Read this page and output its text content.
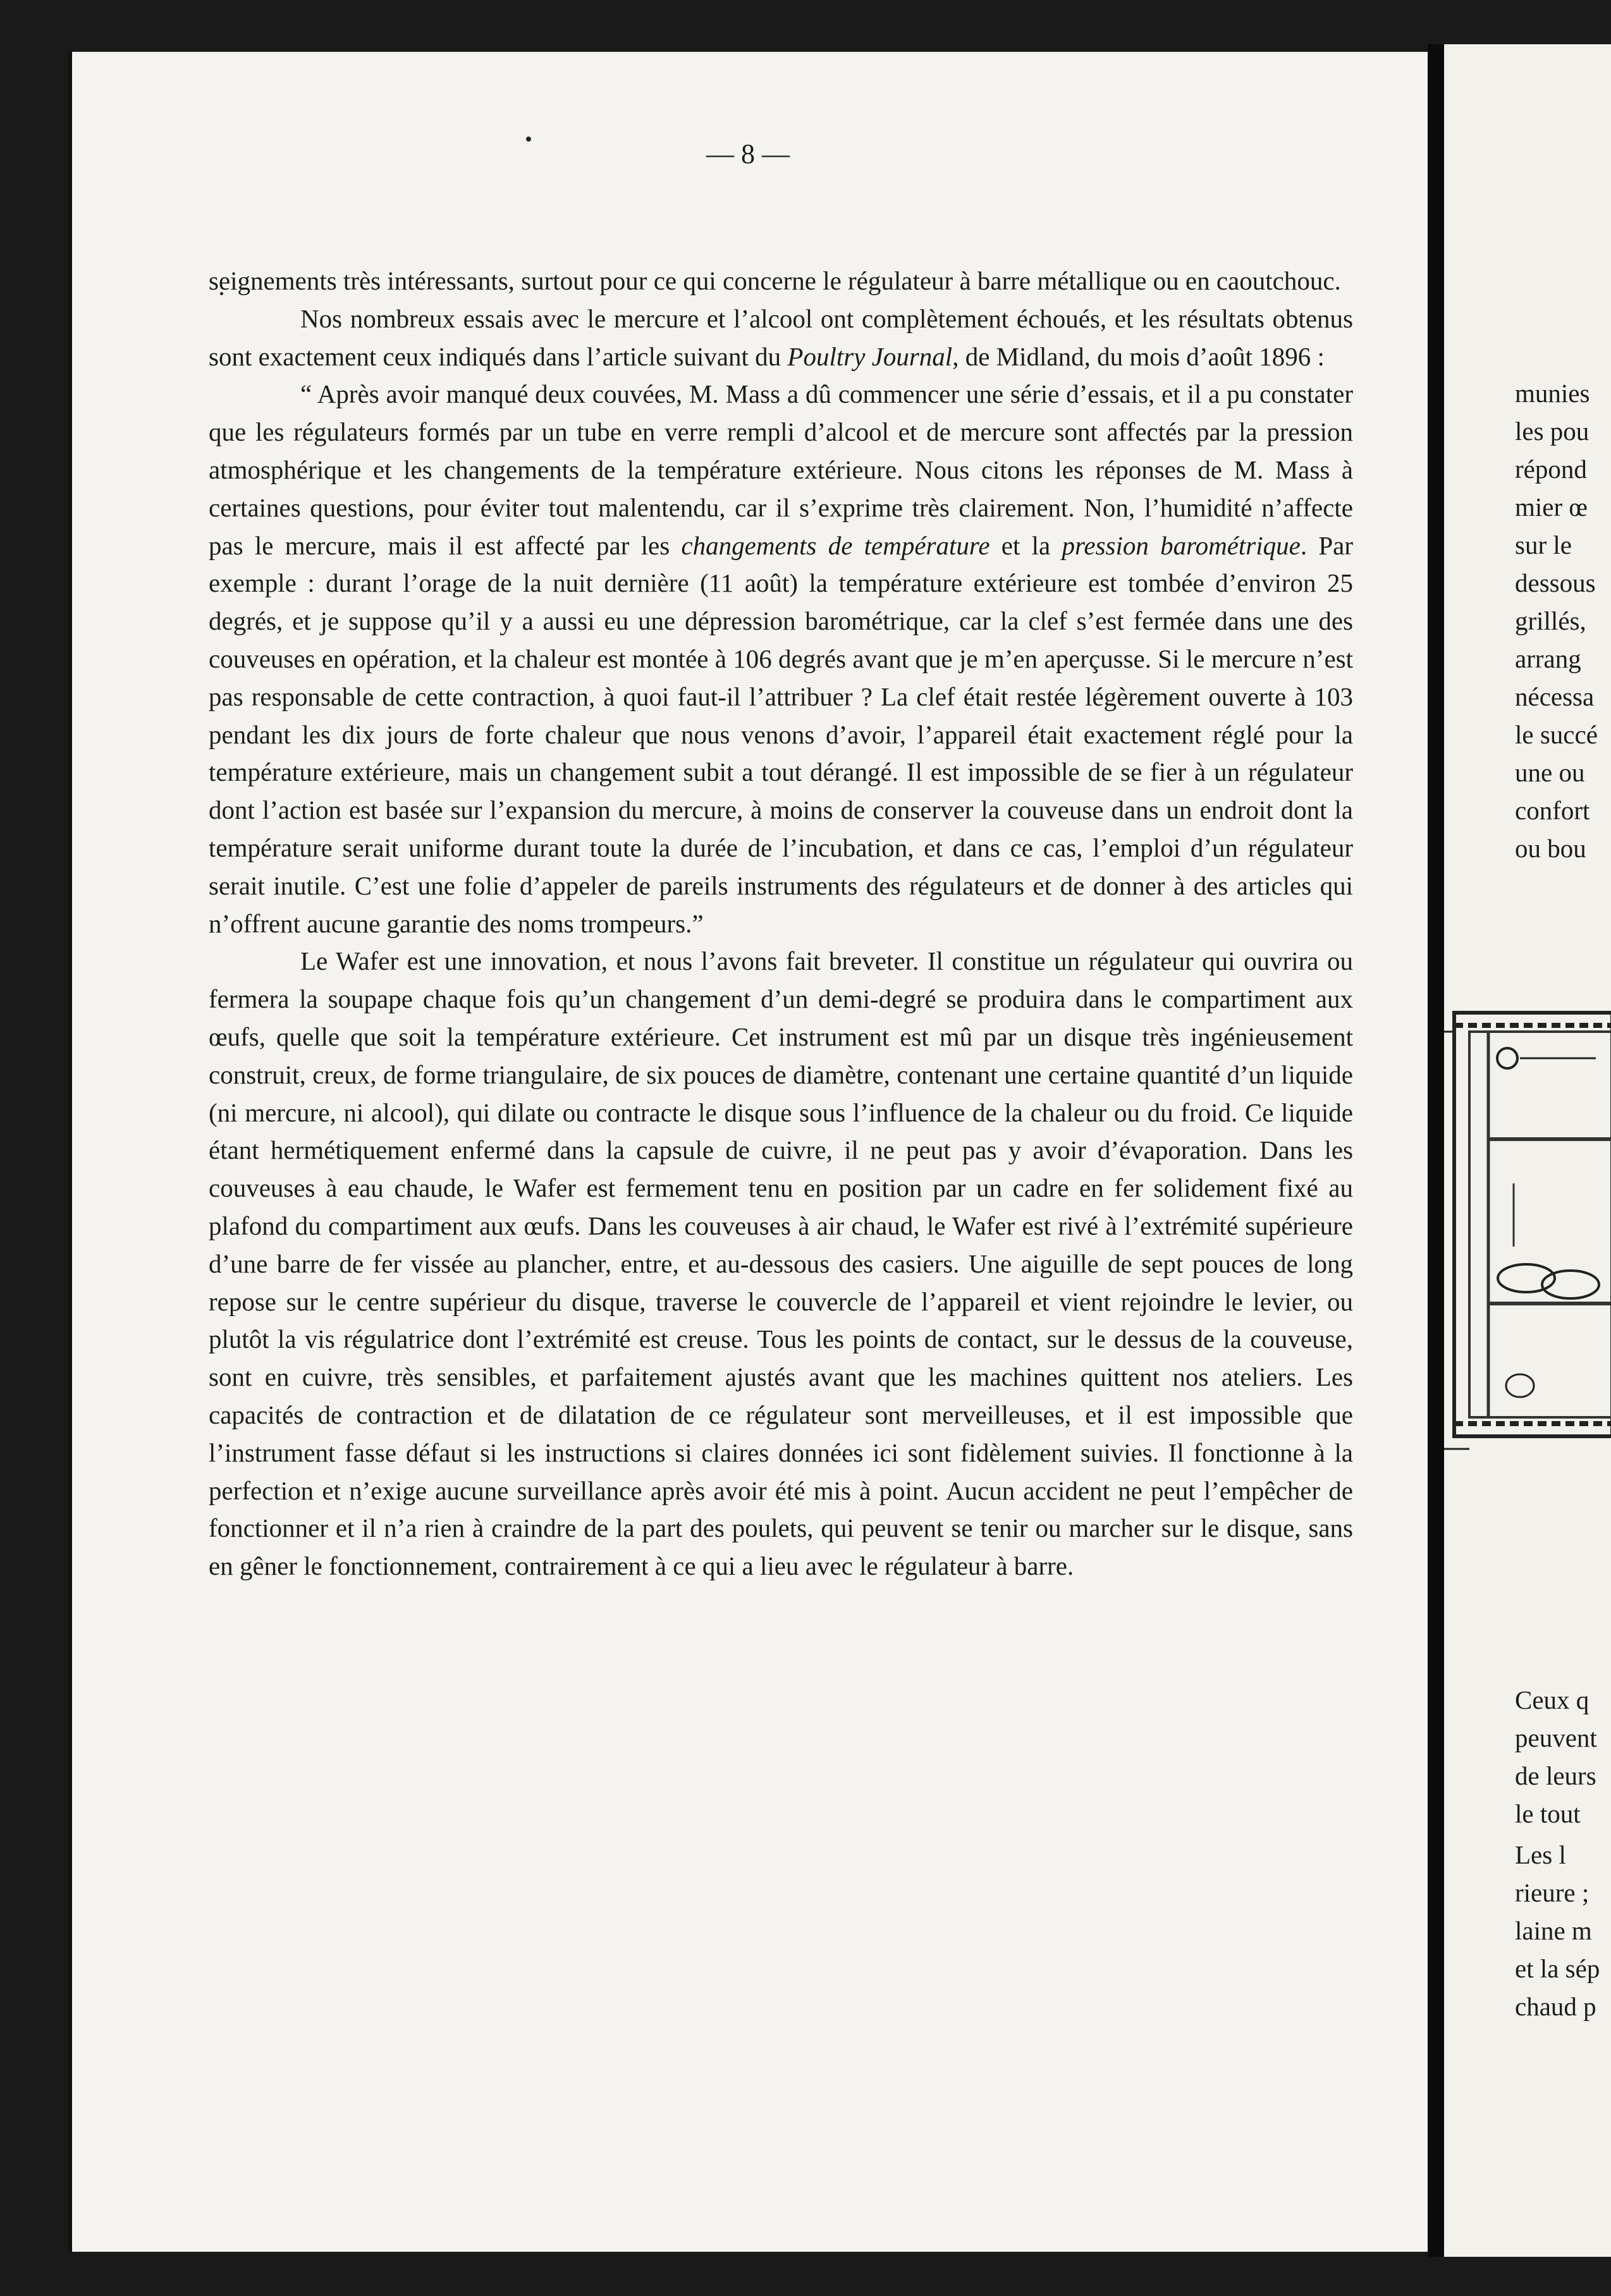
— 8 —

seignements très intéressants, surtout pour ce qui concerne le régulateur à barre métallique ou en caoutchouc.

Nos nombreux essais avec le mercure et l’alcool ont complètement échoués, et les résultats obtenus sont exactement ceux indiqués dans l’article suivant du Poultry Journal, de Midland, du mois d’août 1896 :

“ Après avoir manqué deux couvées, M. Mass a dû commencer une série d’essais, et il a pu constater que les régulateurs formés par un tube en verre rempli d’alcool et de mercure sont affectés par la pression atmosphérique et les changements de la température extérieure. Nous citons les réponses de M. Mass à certaines questions, pour éviter tout malentendu, car il s’exprime très clairement. Non, l’humidité n’affecte pas le mercure, mais il est affecté par les changements de température et la pression barométrique. Par exemple : durant l’orage de la nuit dernière (11 août) la température extérieure est tombée d’environ 25 degrés, et je suppose qu’il y a aussi eu une dépression barométrique, car la clef s’est fermée dans une des couveuses en opération, et la chaleur est montée à 106 degrés avant que je m’en aperçusse. Si le mercure n’est pas responsable de cette contraction, à quoi faut-il l’attribuer ? La clef était restée légèrement ouverte à 103 pendant les dix jours de forte chaleur que nous venons d’avoir, l’appareil était exactement réglé pour la température extérieure, mais un changement subit a tout dérangé. Il est impossible de se fier à un régulateur dont l’action est basée sur l’expansion du mercure, à moins de conserver la couveuse dans un endroit dont la température serait uniforme durant toute la durée de l’incubation, et dans ce cas, l’emploi d’un régulateur serait inutile. C’est une folie d’appeler de pareils instruments des régulateurs et de donner à des articles qui n’offrent aucune garantie des noms trompeurs.”

Le Wafer est une innovation, et nous l’avons fait breveter. Il constitue un régulateur qui ouvrira ou fermera la soupape chaque fois qu’un changement d’un demi-degré se produira dans le compartiment aux œufs, quelle que soit la température extérieure. Cet instrument est mû par un disque très ingénieusement construit, creux, de forme triangulaire, de six pouces de diamètre, contenant une certaine quantité d’un liquide (ni mercure, ni alcool), qui dilate ou contracte le disque sous l’influence de la chaleur ou du froid. Ce liquide étant hermétiquement enfermé dans la capsule de cuivre, il ne peut pas y avoir d’évaporation. Dans les couveuses à eau chaude, le Wafer est fermement tenu en position par un cadre en fer solidement fixé au plafond du compartiment aux œufs. Dans les couveuses à air chaud, le Wafer est rivé à l’extrémité supérieure d’une barre de fer vissée au plancher, entre, et au-dessous des casiers. Une aiguille de sept pouces de long repose sur le centre supérieur du disque, traverse le couvercle de l’appareil et vient rejoindre le levier, ou plutôt la vis régulatrice dont l’extrémité est creuse. Tous les points de contact, sur le dessus de la couveuse, sont en cuivre, très sensibles, et parfaitement ajustés avant que les machines quittent nos ateliers. Les capacités de contraction et de dilatation de ce régulateur sont merveilleuses, et il est impossible que l’instrument fasse défaut si les instructions si claires données ici sont fidèlement suivies. Il fonctionne à la perfection et n’exige aucune surveillance après avoir été mis à point. Aucun accident ne peut l’empêcher de fonctionner et il n’a rien à craindre de la part des poulets, qui peuvent se tenir ou marcher sur le disque, sans en gêner le fonctionnement, contrairement à ce qui a lieu avec le régulateur à barre.

munies
les pou
répond
mier œ
sur le
dessous
grillés,
arrang
nécessa
le succé
une ou
confort
ou bou
Ceux q
peuvent
de leurs
le tout
Les l
rieure ;
laine m
et la sép
chaud p
